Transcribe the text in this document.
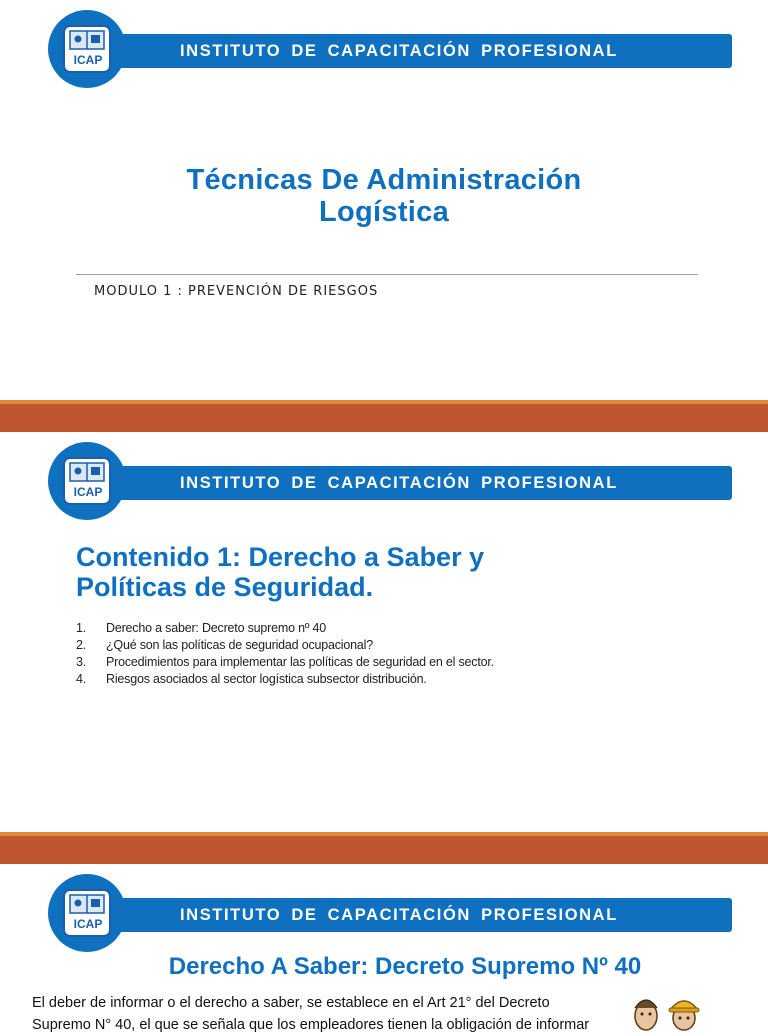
INSTITUTO DE CAPACITACIÓN PROFESIONAL
ICAP
Técnicas De Administración
Logística

MODULO 1 : PREVENCIÓN DE RIESGOS

INSTITUTO DE CAPACITACIÓN PROFESIONAL
ICAP
Contenido 1: Derecho a Saber y
Políticas de Seguridad.
1. Derecho a saber: Decreto supremo nº 40
2. ¿Qué son las políticas de seguridad ocupacional?
3. Procedimientos para implementar las políticas de seguridad en el sector.
4. Riesgos asociados al sector logística subsector distribución.
INSTITUTO DE CAPACITACIÓN PROFESIONAL
ICAP
Derecho A Saber: Decreto Supremo Nº 40

El deber de informar o el derecho a saber, se establece en el Art 21° del Decreto Supremo N° 40, el que se señala que los empleadores tienen la obligación de informar
